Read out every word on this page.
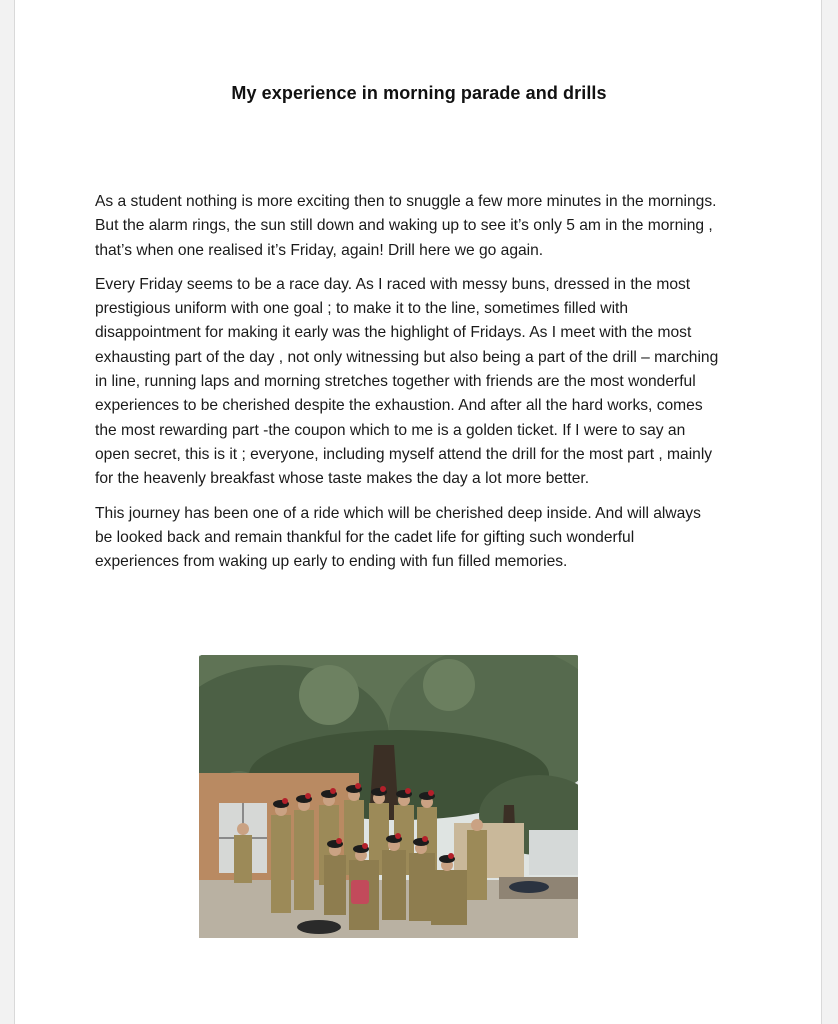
My experience in morning parade and drills

As a student nothing is more exciting then to snuggle a few more minutes in the mornings. But the alarm rings, the sun still down and waking up to see it’s only 5 am in the morning , that’s when one realised it’s Friday, again! Drill here we go again.

Every Friday seems to be a race day. As I raced with messy buns, dressed in the most prestigious uniform with one goal ; to make it to the line, sometimes filled with disappointment for making it early was the highlight of Fridays. As I meet with the most exhausting part of the day , not only witnessing but also being a part of the drill – marching in line, running laps and morning stretches together with friends are the most wonderful experiences to be cherished despite the exhaustion. And after all the hard works, comes the most rewarding part -the coupon which to me is a golden ticket. If I were to say an open secret, this is it ; everyone, including myself attend the drill for the most part , mainly for the heavenly breakfast whose taste makes the day a lot more better.

This journey has been one of a ride which will be cherished deep inside. And will always be looked back and remain thankful for the cadet life for gifting such wonderful experiences from waking up early to ending with fun filled memories.
